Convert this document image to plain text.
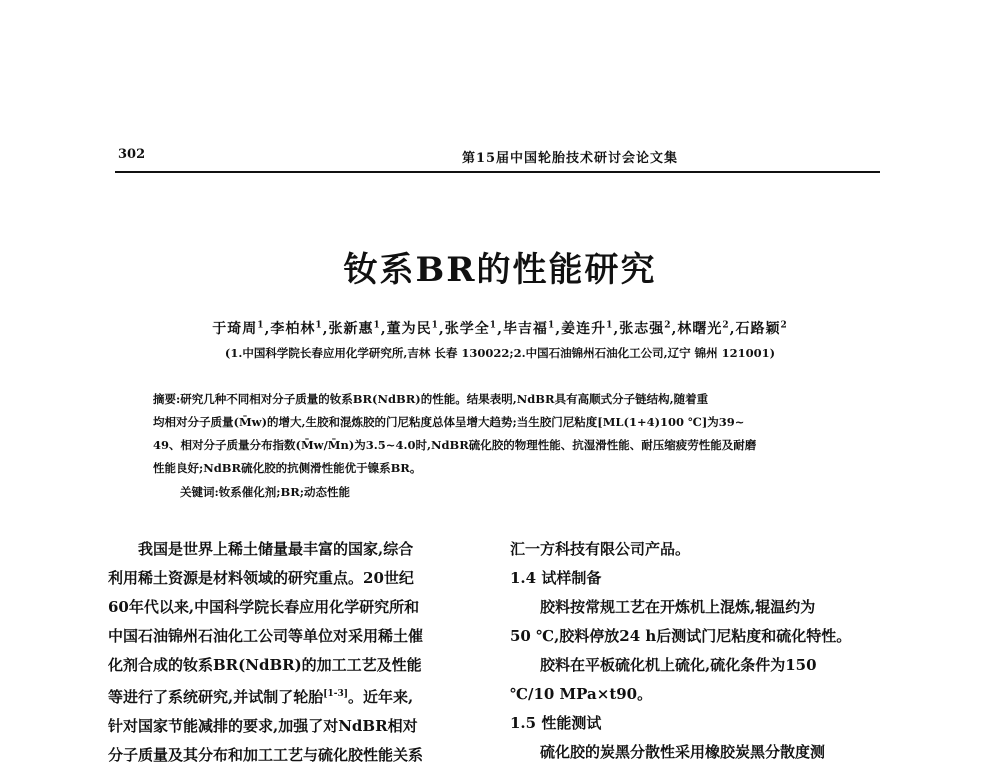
302	第15届中国轮胎技术研讨会论文集
钕系BR的性能研究
于琦周$^1$,李柏林$^1$,张新惠$^1$,董为民$^1$,张学全$^1$,毕吉福$^1$,姜连升$^1$,张志强$^2$,林曙光$^2$,石路颖$^2$
(1.中国科学院长春应用化学研究所,吉林 长春 130022;2.中国石油锦州石油化工公司,辽宁 锦州 121001)
摘要:研究几种不同相对分子质量的钕系BR(NdBR)的性能。结果表明,NdBR具有高顺式分子链结构,随着重
均相对分子质量(M̄w)的增大,生胶和混炼胶的门尼粘度总体呈增大趋势;当生胶门尼粘度[ML(1+4)100 ℃]为39~
49、相对分子质量分布指数(M̄w/M̄n)为3.5~4.0时,NdBR硫化胶的物理性能、抗湿滑性能、耐压缩疲劳性能及耐磨
性能良好;NdBR硫化胶的抗侧滑性能优于镍系BR。
关键词:钕系催化剂;BR;动态性能
我国是世界上稀土储量最丰富的国家,综合
利用稀土资源是材料领域的研究重点。20世纪
60年代以来,中国科学院长春应用化学研究所和
中国石油锦州石油化工公司等单位对采用稀土催
化剂合成的钕系BR(NdBR)的加工工艺及性能
等进行了系统研究,并试制了轮胎[1-3]。近年来,
针对国家节能减排的要求,加强了对NdBR相对
分子质量及其分布和加工工艺与硫化胶性能关系
汇一方科技有限公司产品。
1.4 试样制备
胶料按常规工艺在开炼机上混炼,辊温约为
50 ℃,胶料停放24 h后测试门尼粘度和硫化特性。
胶料在平板硫化机上硫化,硫化条件为150
℃/10 MPa×t90。
1.5 性能测试
硫化胶的炭黑分散性采用橡胶炭黑分散度测
